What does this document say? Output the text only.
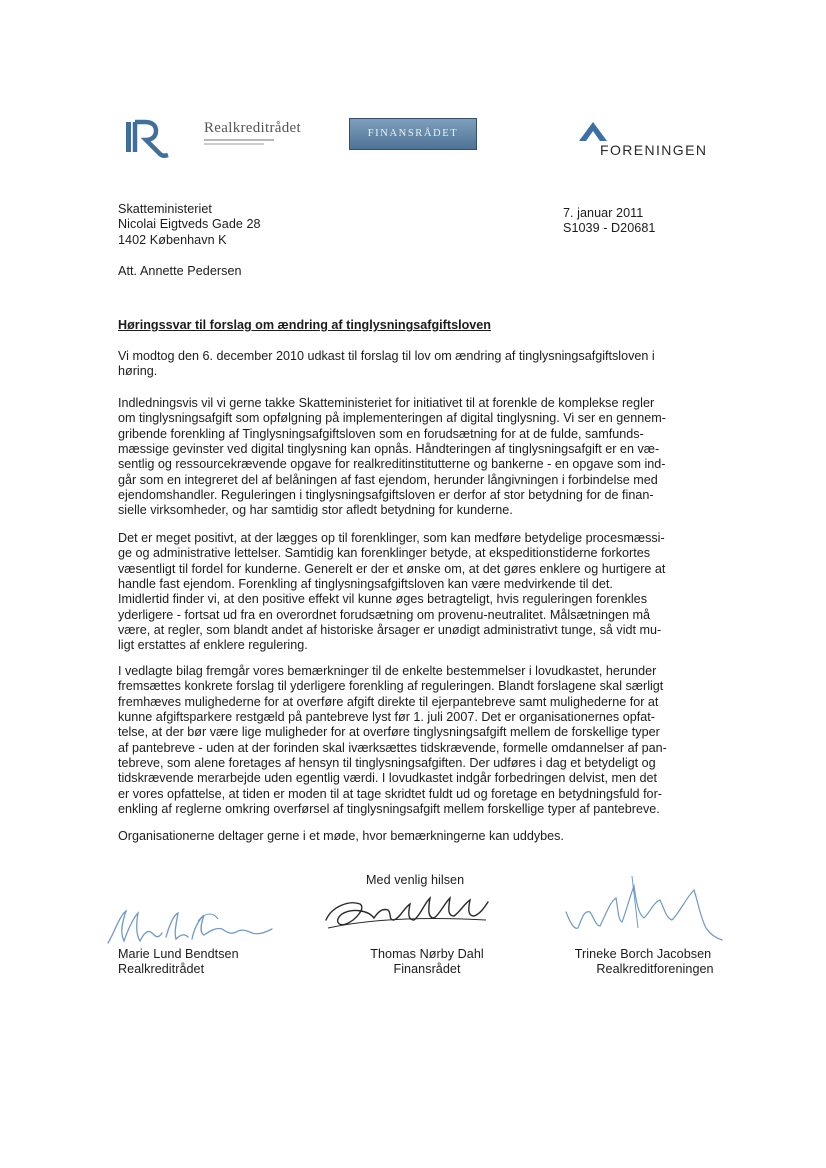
Realkreditrådet	FINANSRÅDET
FORENINGEN
Skatteministeriet
Nicolai Eigtveds Gade 28
1402 København K
Att. Annette Pedersen
7. januar 2011
S1039 - D20681
Høringssvar til forslag om ændring af tinglysningsafgiftsloven
Vi modtog den 6. december 2010 udkast til forslag til lov om ændring af tinglysningsafgiftsloven i
høring.
Indledningsvis vil vi gerne takke Skatteministeriet for initiativet til at forenkle de komplekse regler
om tinglysningsafgift som opfølgning på implementeringen af digital tinglysning. Vi ser en gennem-
gribende forenkling af Tinglysningsafgiftsloven som en forudsætning for at de fulde, samfunds-
mæssige gevinster ved digital tinglysning kan opnås. Håndteringen af tinglysningsafgift er en væ-
sentlig og ressourcekrævende opgave for realkreditinstitutterne og bankerne - en opgave som ind-
går som en integreret del af belåningen af fast ejendom, herunder långivningen i forbindelse med
ejendomshandler. Reguleringen i tinglysningsafgiftsloven er derfor af stor betydning for de finan-
sielle virksomheder, og har samtidig stor afledt betydning for kunderne.
Det er meget positivt, at der lægges op til forenklinger, som kan medføre betydelige procesmæssi-
ge og administrative lettelser. Samtidig kan forenklinger betyde, at ekspeditionstiderne forkortes
væsentligt til fordel for kunderne. Generelt er der et ønske om, at det gøres enklere og hurtigere at
handle fast ejendom. Forenkling af tinglysningsafgiftsloven kan være medvirkende til det.
Imidlertid finder vi, at den positive effekt vil kunne øges betragteligt, hvis reguleringen forenkles
yderligere - fortsat ud fra en overordnet forudsætning om provenu-neutralitet. Målsætningen må
være, at regler, som blandt andet af historiske årsager er unødigt administrativt tunge, så vidt mu-
ligt erstattes af enklere regulering.
I vedlagte bilag fremgår vores bemærkninger til de enkelte bestemmelser i lovudkastet, herunder
fremsættes konkrete forslag til yderligere forenkling af reguleringen. Blandt forslagene skal særligt
fremhæves mulighederne for at overføre afgift direkte til ejerpantebreve samt mulighederne for at
kunne afgiftsparkere restgæld på pantebreve lyst før 1. juli 2007. Det er organisationernes opfat-
telse, at der bør være lige muligheder for at overføre tinglysningsafgift mellem de forskellige typer
af pantebreve - uden at der forinden skal iværksættes tidskrævende, formelle omdannelser af pan-
tebreve, som alene foretages af hensyn til tinglysningsafgiften. Der udføres i dag et betydeligt og
tidskrævende merarbejde uden egentlig værdi. I lovudkastet indgår forbedringen delvist, men det
er vores opfattelse, at tiden er moden til at tage skridtet fuldt ud og foretage en betydningsfuld for-
enkling af reglerne omkring overførsel af tinglysningsafgift mellem forskellige typer af pantebreve.
Organisationerne deltager gerne i et møde, hvor bemærkningerne kan uddybes.
Med venlig hilsen
Marie Lund Bendtsen
Realkreditrådet
Thomas Nørby Dahl
Finansrådet
Trineke Borch Jacobsen
Realkreditforeningen
